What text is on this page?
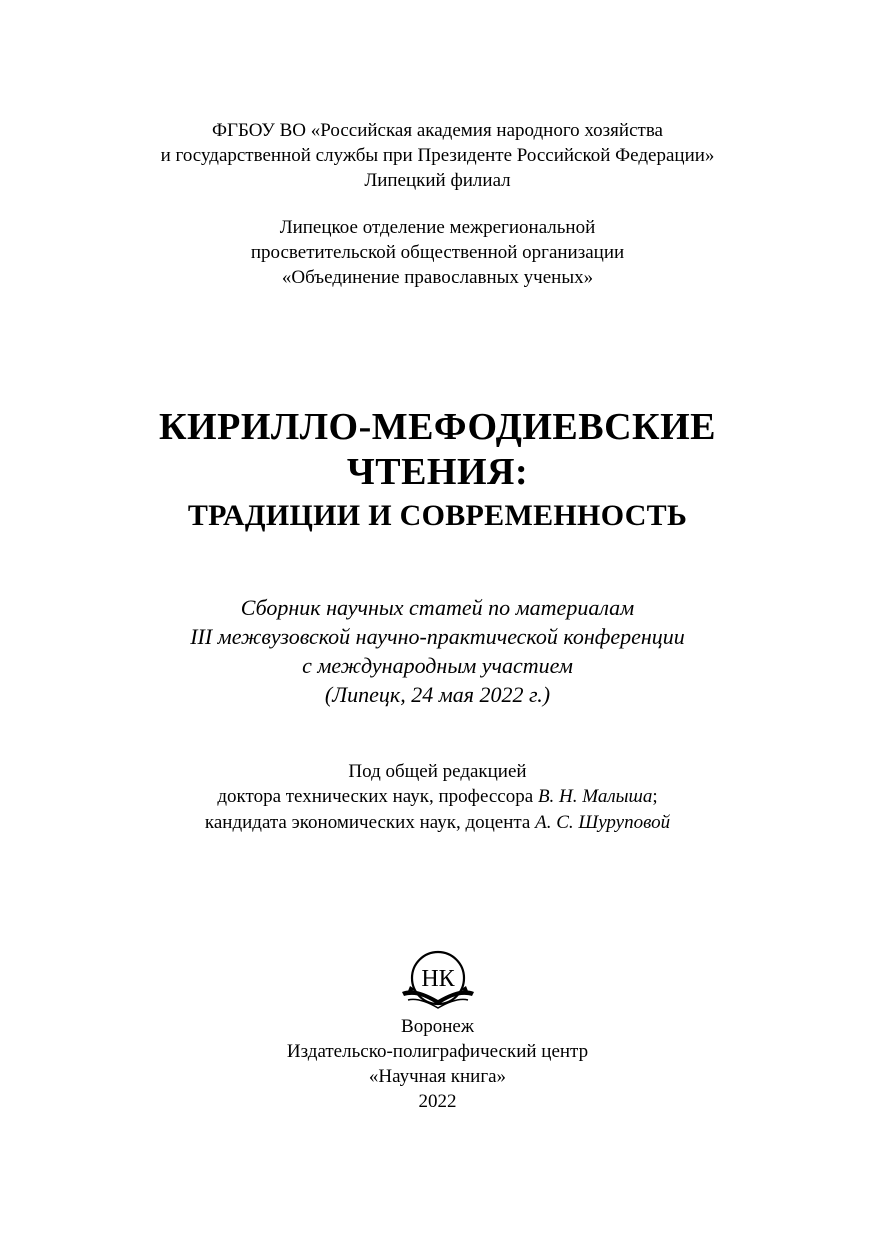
ФГБОУ ВО «Российская академия народного хозяйства
и государственной службы при Президенте Российской Федерации»
Липецкий филиал
Липецкое отделение межрегиональной
просветительской общественной организации
«Объединение православных ученых»
КИРИЛЛО-МЕФОДИЕВСКИЕ
ЧТЕНИЯ:
ТРАДИЦИИ И СОВРЕМЕННОСТЬ
Сборник научных статей по материалам
III межвузовской научно-практической конференции
с международным участием
(Липецк, 24 мая 2022 г.)
Под общей редакцией
доктора технических наук, профессора В. Н. Малыша;
кандидата экономических наук, доцента А. С. Шуруповой
НК
Воронеж
Издательско-полиграфический центр
«Научная книга»
2022
